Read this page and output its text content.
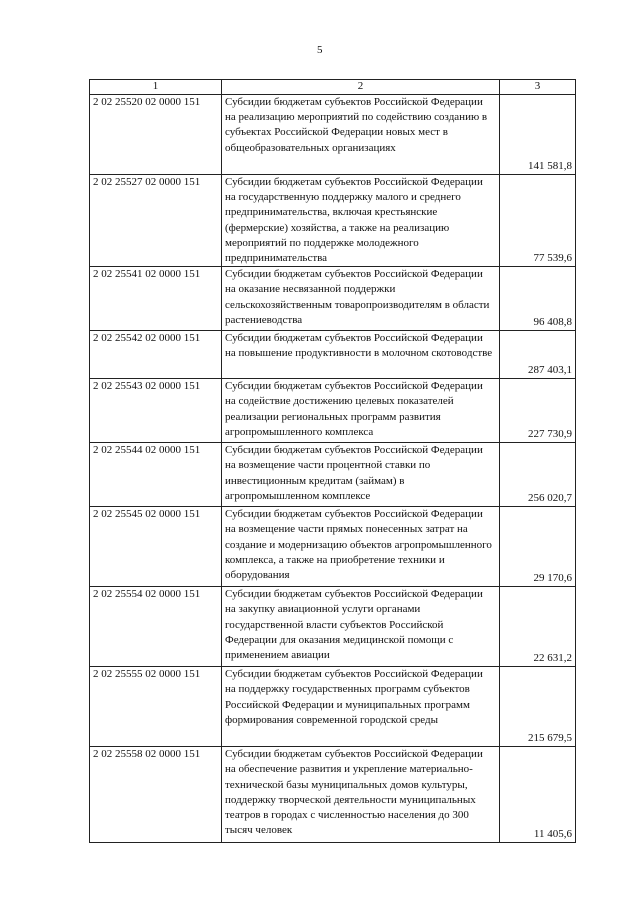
5
1	2	3
2 02 25520 02 0000 151	Субсидии бюджетам субъектов Российской Федерации на реализацию мероприятий по содействию созданию в субъектах Российской Федерации новых мест в общеобразовательных организациях	141 581,8
2 02 25527 02 0000 151	Субсидии бюджетам субъектов Российской Федерации на государственную поддержку малого и среднего предпринимательства, включая крестьянские (фермерские) хозяйства, а также на реализацию мероприятий по поддержке молодежного предпринимательства	77 539,6
2 02 25541 02 0000 151	Субсидии бюджетам субъектов Российской Федерации на оказание несвязанной поддержки сельскохозяйственным товаропроизводителям в области растениеводства	96 408,8
2 02 25542 02 0000 151	Субсидии бюджетам субъектов Российской Федерации на повышение продуктивности в молочном скотоводстве	287 403,1
2 02 25543 02 0000 151	Субсидии бюджетам субъектов Российской Федерации на содействие достижению целевых показателей реализации региональных программ развития агропромышленного комплекса	227 730,9
2 02 25544 02 0000 151	Субсидии бюджетам субъектов Российской Федерации на возмещение части процентной ставки по инвестиционным кредитам (займам) в агропромышленном комплексе	256 020,7
2 02 25545 02 0000 151	Субсидии бюджетам субъектов Российской Федерации на возмещение части прямых понесенных затрат на создание и модернизацию объектов агропромышленного комплекса, а также на приобретение техники и оборудования	29 170,6
2 02 25554 02 0000 151	Субсидии бюджетам субъектов Российской Федерации на закупку авиационной услуги органами государственной власти субъектов Российской Федерации для оказания медицинской помощи с применением авиации	22 631,2
2 02 25555 02 0000 151	Субсидии бюджетам субъектов Российской Федерации на поддержку государственных программ субъектов Российской Федерации и муниципальных программ формирования современной городской среды	215 679,5
2 02 25558 02 0000 151	Субсидии бюджетам субъектов Российской Федерации на обеспечение развития и укрепление материально-технической базы муниципальных домов культуры, поддержку творческой деятельности муниципальных театров в городах с численностью населения до 300 тысяч человек	11 405,6
